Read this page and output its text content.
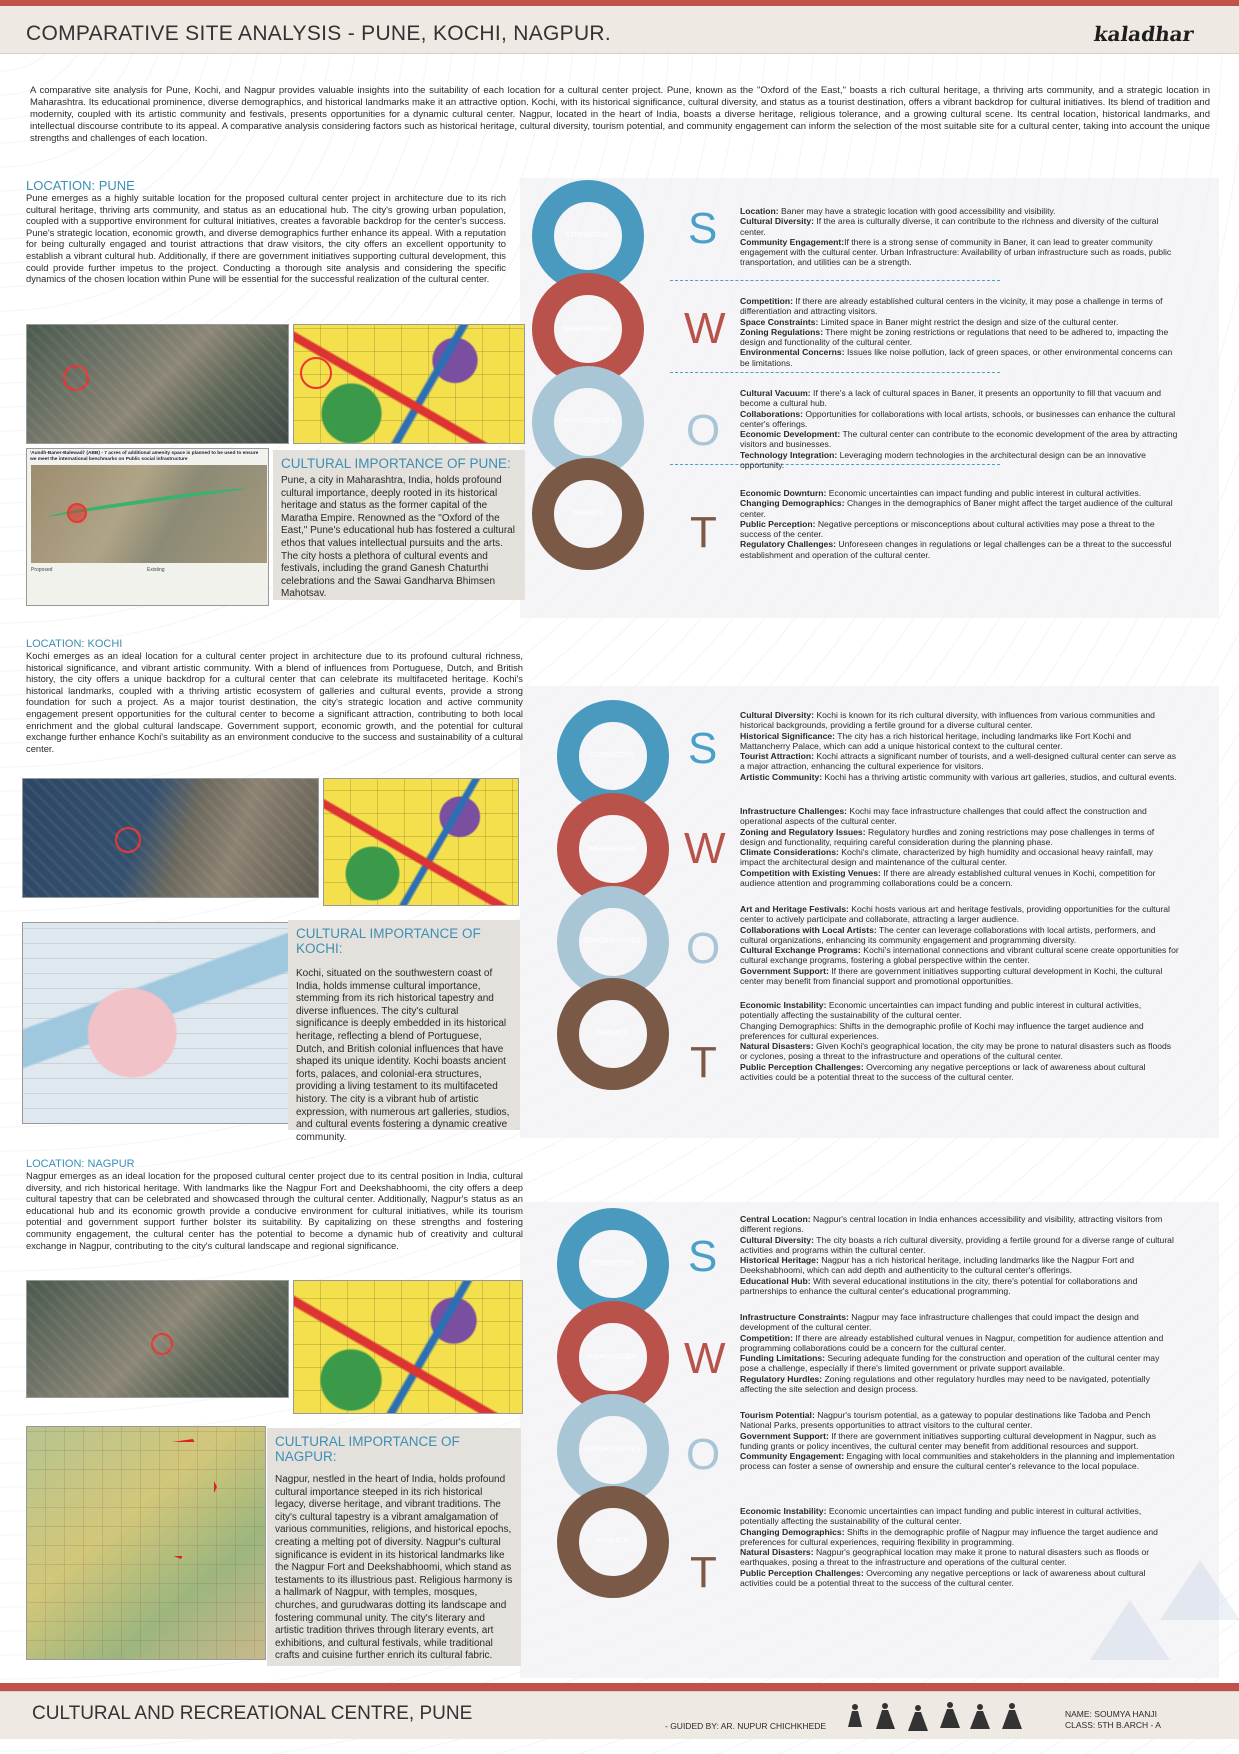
COMPARATIVE SITE ANALYSIS - PUNE, KOCHI, NAGPUR.	kaladhar
A comparative site analysis for Pune, Kochi, and Nagpur provides valuable insights into the suitability of each location for a cultural center project. Pune, known as the "Oxford of the East," boasts a rich cultural heritage, a thriving arts community, and a strategic location in Maharashtra. Its educational prominence, diverse demographics, and historical landmarks make it an attractive option. Kochi, with its historical significance, cultural diversity, and status as a tourist destination, offers a vibrant backdrop for cultural initiatives. Its blend of tradition and modernity, coupled with its artistic community and festivals, presents opportunities for a dynamic cultural center. Nagpur, located in the heart of India, boasts a diverse heritage, religious tolerance, and a growing cultural scene. Its central location, historical landmarks, and intellectual discourse contribute to its appeal. A comparative analysis considering factors such as historical heritage, cultural diversity, tourism potential, and community engagement can inform the selection of the most suitable site for a cultural center, taking into account the unique strengths and challenges of each location.
LOCATION: PUNE
Pune emerges as a highly suitable location for the proposed cultural center project in architecture due to its rich cultural heritage, thriving arts community, and status as an educational hub. The city's growing urban population, coupled with a supportive environment for cultural initiatives, creates a favorable backdrop for the center's success. Pune's strategic location, economic growth, and diverse demographics further enhance its appeal. With a reputation for being culturally engaged and tourist attractions that draw visitors, the city offers an excellent opportunity to establish a vibrant cultural hub. Additionally, if there are government initiatives supporting cultural development, this could provide further impetus to the project. Conducting a thorough site analysis and considering the specific dynamics of the chosen location within Pune will be essential for the successful realization of the cultural center.
'Aundh-Baner-Balewadi' (ABB) - 7 acres of additional amenity space is planned to be used to ensure we meet the international benchmarks on Public social infrastructure
Proposed	Existing
CULTURAL IMPORTANCE OF PUNE:
Pune, a city in Maharashtra, India, holds profound cultural importance, deeply rooted in its historical heritage and status as the former capital of the Maratha Empire. Renowned as the "Oxford of the East," Pune's educational hub has fostered a cultural ethos that values intellectual pursuits and the arts. The city hosts a plethora of cultural events and festivals, including the grand Ganesh Chaturthi celebrations and the Sawai Gandharva Bhimsen Mahotsav.
STRENGTHS
WEAKNESSES
OPPORTUNITIES
THREATS
S
W
O
T
Location: Baner may have a strategic location with good accessibility and visibility.
Cultural Diversity: If the area is culturally diverse, it can contribute to the richness and diversity of the cultural center.
Community Engagement:If there is a strong sense of community in Baner, it can lead to greater community engagement with the cultural center. Urban Infrastructure: Availability of urban infrastructure such as roads, public transportation, and utilities can be a strength.
Competition: If there are already established cultural centers in the vicinity, it may pose a challenge in terms of differentiation and attracting visitors.
Space Constraints: Limited space in Baner might restrict the design and size of the cultural center.
Zoning Regulations: There might be zoning restrictions or regulations that need to be adhered to, impacting the design and functionality of the cultural center.
Environmental Concerns: Issues like noise pollution, lack of green spaces, or other environmental concerns can be limitations.
Cultural Vacuum: If there's a lack of cultural spaces in Baner, it presents an opportunity to fill that vacuum and become a cultural hub.
Collaborations: Opportunities for collaborations with local artists, schools, or businesses can enhance the cultural center's offerings.
Economic Development: The cultural center can contribute to the economic development of the area by attracting visitors and businesses.
Technology Integration: Leveraging modern technologies in the architectural design can be an innovative opportunity.
Economic Downturn: Economic uncertainties can impact funding and public interest in cultural activities.
Changing Demographics: Changes in the demographics of Baner might affect the target audience of the cultural center.
Public Perception: Negative perceptions or misconceptions about cultural activities may pose a threat to the success of the center.
Regulatory Challenges: Unforeseen changes in regulations or legal challenges can be a threat to the successful establishment and operation of the cultural center.
LOCATION: KOCHI
Kochi emerges as an ideal location for a cultural center project in architecture due to its profound cultural richness, historical significance, and vibrant artistic community. With a blend of influences from Portuguese, Dutch, and British history, the city offers a unique backdrop for a cultural center that can celebrate its multifaceted heritage. Kochi's historical landmarks, coupled with a thriving artistic ecosystem of galleries and cultural events, provide a strong foundation for such a project. As a major tourist destination, the city's strategic location and active community engagement present opportunities for the cultural center to become a significant attraction, contributing to both local enrichment and the global cultural landscape. Government support, economic growth, and the potential for cultural exchange further enhance Kochi's suitability as an environment conducive to the success and sustainability of a cultural center.
CULTURAL IMPORTANCE OF KOCHI:
Kochi, situated on the southwestern coast of India, holds immense cultural importance, stemming from its rich historical tapestry and diverse influences. The city's cultural significance is deeply embedded in its historical heritage, reflecting a blend of Portuguese, Dutch, and British colonial influences that have shaped its unique identity. Kochi boasts ancient forts, palaces, and colonial-era structures, providing a living testament to its multifaceted history. The city is a vibrant hub of artistic expression, with numerous art galleries, studios, and cultural events fostering a dynamic creative community.
STRENGTHS
WEAKNESSES
OPPORTUNITIES
THREATS
S
W
O
T
Cultural Diversity: Kochi is known for its rich cultural diversity, with influences from various communities and historical backgrounds, providing a fertile ground for a diverse cultural center.
Historical Significance: The city has a rich historical heritage, including landmarks like Fort Kochi and Mattancherry Palace, which can add a unique historical context to the cultural center.
Tourist Attraction: Kochi attracts a significant number of tourists, and a well-designed cultural center can serve as a major attraction, enhancing the cultural experience for visitors.
Artistic Community: Kochi has a thriving artistic community with various art galleries, studios, and cultural events.
Infrastructure Challenges: Kochi may face infrastructure challenges that could affect the construction and operational aspects of the cultural center.
Zoning and Regulatory Issues: Regulatory hurdles and zoning restrictions may pose challenges in terms of design and functionality, requiring careful consideration during the planning phase.
Climate Considerations: Kochi's climate, characterized by high humidity and occasional heavy rainfall, may impact the architectural design and maintenance of the cultural center.
Competition with Existing Venues: If there are already established cultural venues in Kochi, competition for audience attention and programming collaborations could be a concern.
Art and Heritage Festivals: Kochi hosts various art and heritage festivals, providing opportunities for the cultural center to actively participate and collaborate, attracting a larger audience.
Collaborations with Local Artists: The center can leverage collaborations with local artists, performers, and cultural organizations, enhancing its community engagement and programming diversity.
Cultural Exchange Programs: Kochi's international connections and vibrant cultural scene create opportunities for cultural exchange programs, fostering a global perspective within the center.
Government Support: If there are government initiatives supporting cultural development in Kochi, the cultural center may benefit from financial support and promotional opportunities.
Economic Instability: Economic uncertainties can impact funding and public interest in cultural activities, potentially affecting the sustainability of the cultural center.
Changing Demographics: Shifts in the demographic profile of Kochi may influence the target audience and preferences for cultural experiences.
Natural Disasters: Given Kochi's geographical location, the city may be prone to natural disasters such as floods or cyclones, posing a threat to the infrastructure and operations of the cultural center.
Public Perception Challenges: Overcoming any negative perceptions or lack of awareness about cultural activities could be a potential threat to the success of the cultural center.
LOCATION: NAGPUR
Nagpur emerges as an ideal location for the proposed cultural center project due to its central position in India, cultural diversity, and rich historical heritage. With landmarks like the Nagpur Fort and Deekshabhoomi, the city offers a deep cultural tapestry that can be celebrated and showcased through the cultural center. Additionally, Nagpur's status as an educational hub and its economic growth provide a conducive environment for cultural initiatives, while its tourism potential and government support further bolster its suitability. By capitalizing on these strengths and fostering community engagement, the cultural center has the potential to become a dynamic hub of creativity and cultural exchange in Nagpur, contributing to the city's cultural landscape and regional significance.
CULTURAL IMPORTANCE OF NAGPUR:
Nagpur, nestled in the heart of India, holds profound cultural importance steeped in its rich historical legacy, diverse heritage, and vibrant traditions. The city's cultural tapestry is a vibrant amalgamation of various communities, religions, and historical epochs, creating a melting pot of diversity. Nagpur's cultural significance is evident in its historical landmarks like the Nagpur Fort and Deekshabhoomi, which stand as testaments to its illustrious past. Religious harmony is a hallmark of Nagpur, with temples, mosques, churches, and gurudwaras dotting its landscape and fostering communal unity. The city's literary and artistic tradition thrives through literary events, art exhibitions, and cultural festivals, while traditional crafts and cuisine further enrich its cultural fabric.
STRENGTHS
WEAKNESSES
OPPORTUNITIES
THREATS
S
W
O
T
Central Location: Nagpur's central location in India enhances accessibility and visibility, attracting visitors from different regions.
Cultural Diversity: The city boasts a rich cultural diversity, providing a fertile ground for a diverse range of cultural activities and programs within the cultural center.
Historical Heritage: Nagpur has a rich historical heritage, including landmarks like the Nagpur Fort and Deekshabhoomi, which can add depth and authenticity to the cultural center's offerings.
Educational Hub: With several educational institutions in the city, there's potential for collaborations and partnerships to enhance the cultural center's educational programming.
Infrastructure Constraints: Nagpur may face infrastructure challenges that could impact the design and development of the cultural center.
Competition: If there are already established cultural venues in Nagpur, competition for audience attention and programming collaborations could be a concern for the cultural center.
Funding Limitations: Securing adequate funding for the construction and operation of the cultural center may pose a challenge, especially if there's limited government or private support available.
Regulatory Hurdles: Zoning regulations and other regulatory hurdles may need to be navigated, potentially affecting the site selection and design process.
Tourism Potential: Nagpur's tourism potential, as a gateway to popular destinations like Tadoba and Pench National Parks, presents opportunities to attract visitors to the cultural center.
Government Support: If there are government initiatives supporting cultural development in Nagpur, such as funding grants or policy incentives, the cultural center may benefit from additional resources and support.
Community Engagement: Engaging with local communities and stakeholders in the planning and implementation process can foster a sense of ownership and ensure the cultural center's relevance to the local populace.
Economic Instability: Economic uncertainties can impact funding and public interest in cultural activities, potentially affecting the sustainability of the cultural center.
Changing Demographics: Shifts in the demographic profile of Nagpur may influence the target audience and preferences for cultural experiences, requiring flexibility in programming.
Natural Disasters: Nagpur's geographical location may make it prone to natural disasters such as floods or earthquakes, posing a threat to the infrastructure and operations of the cultural center.
Public Perception Challenges: Overcoming any negative perceptions or lack of awareness about cultural activities could be a potential threat to the success of the cultural center.
CULTURAL AND RECREATIONAL CENTRE, PUNE
- GUIDED BY: AR. NUPUR CHICHKHEDE
NAME: SOUMYA HANJI
CLASS: 5TH B.ARCH - A
